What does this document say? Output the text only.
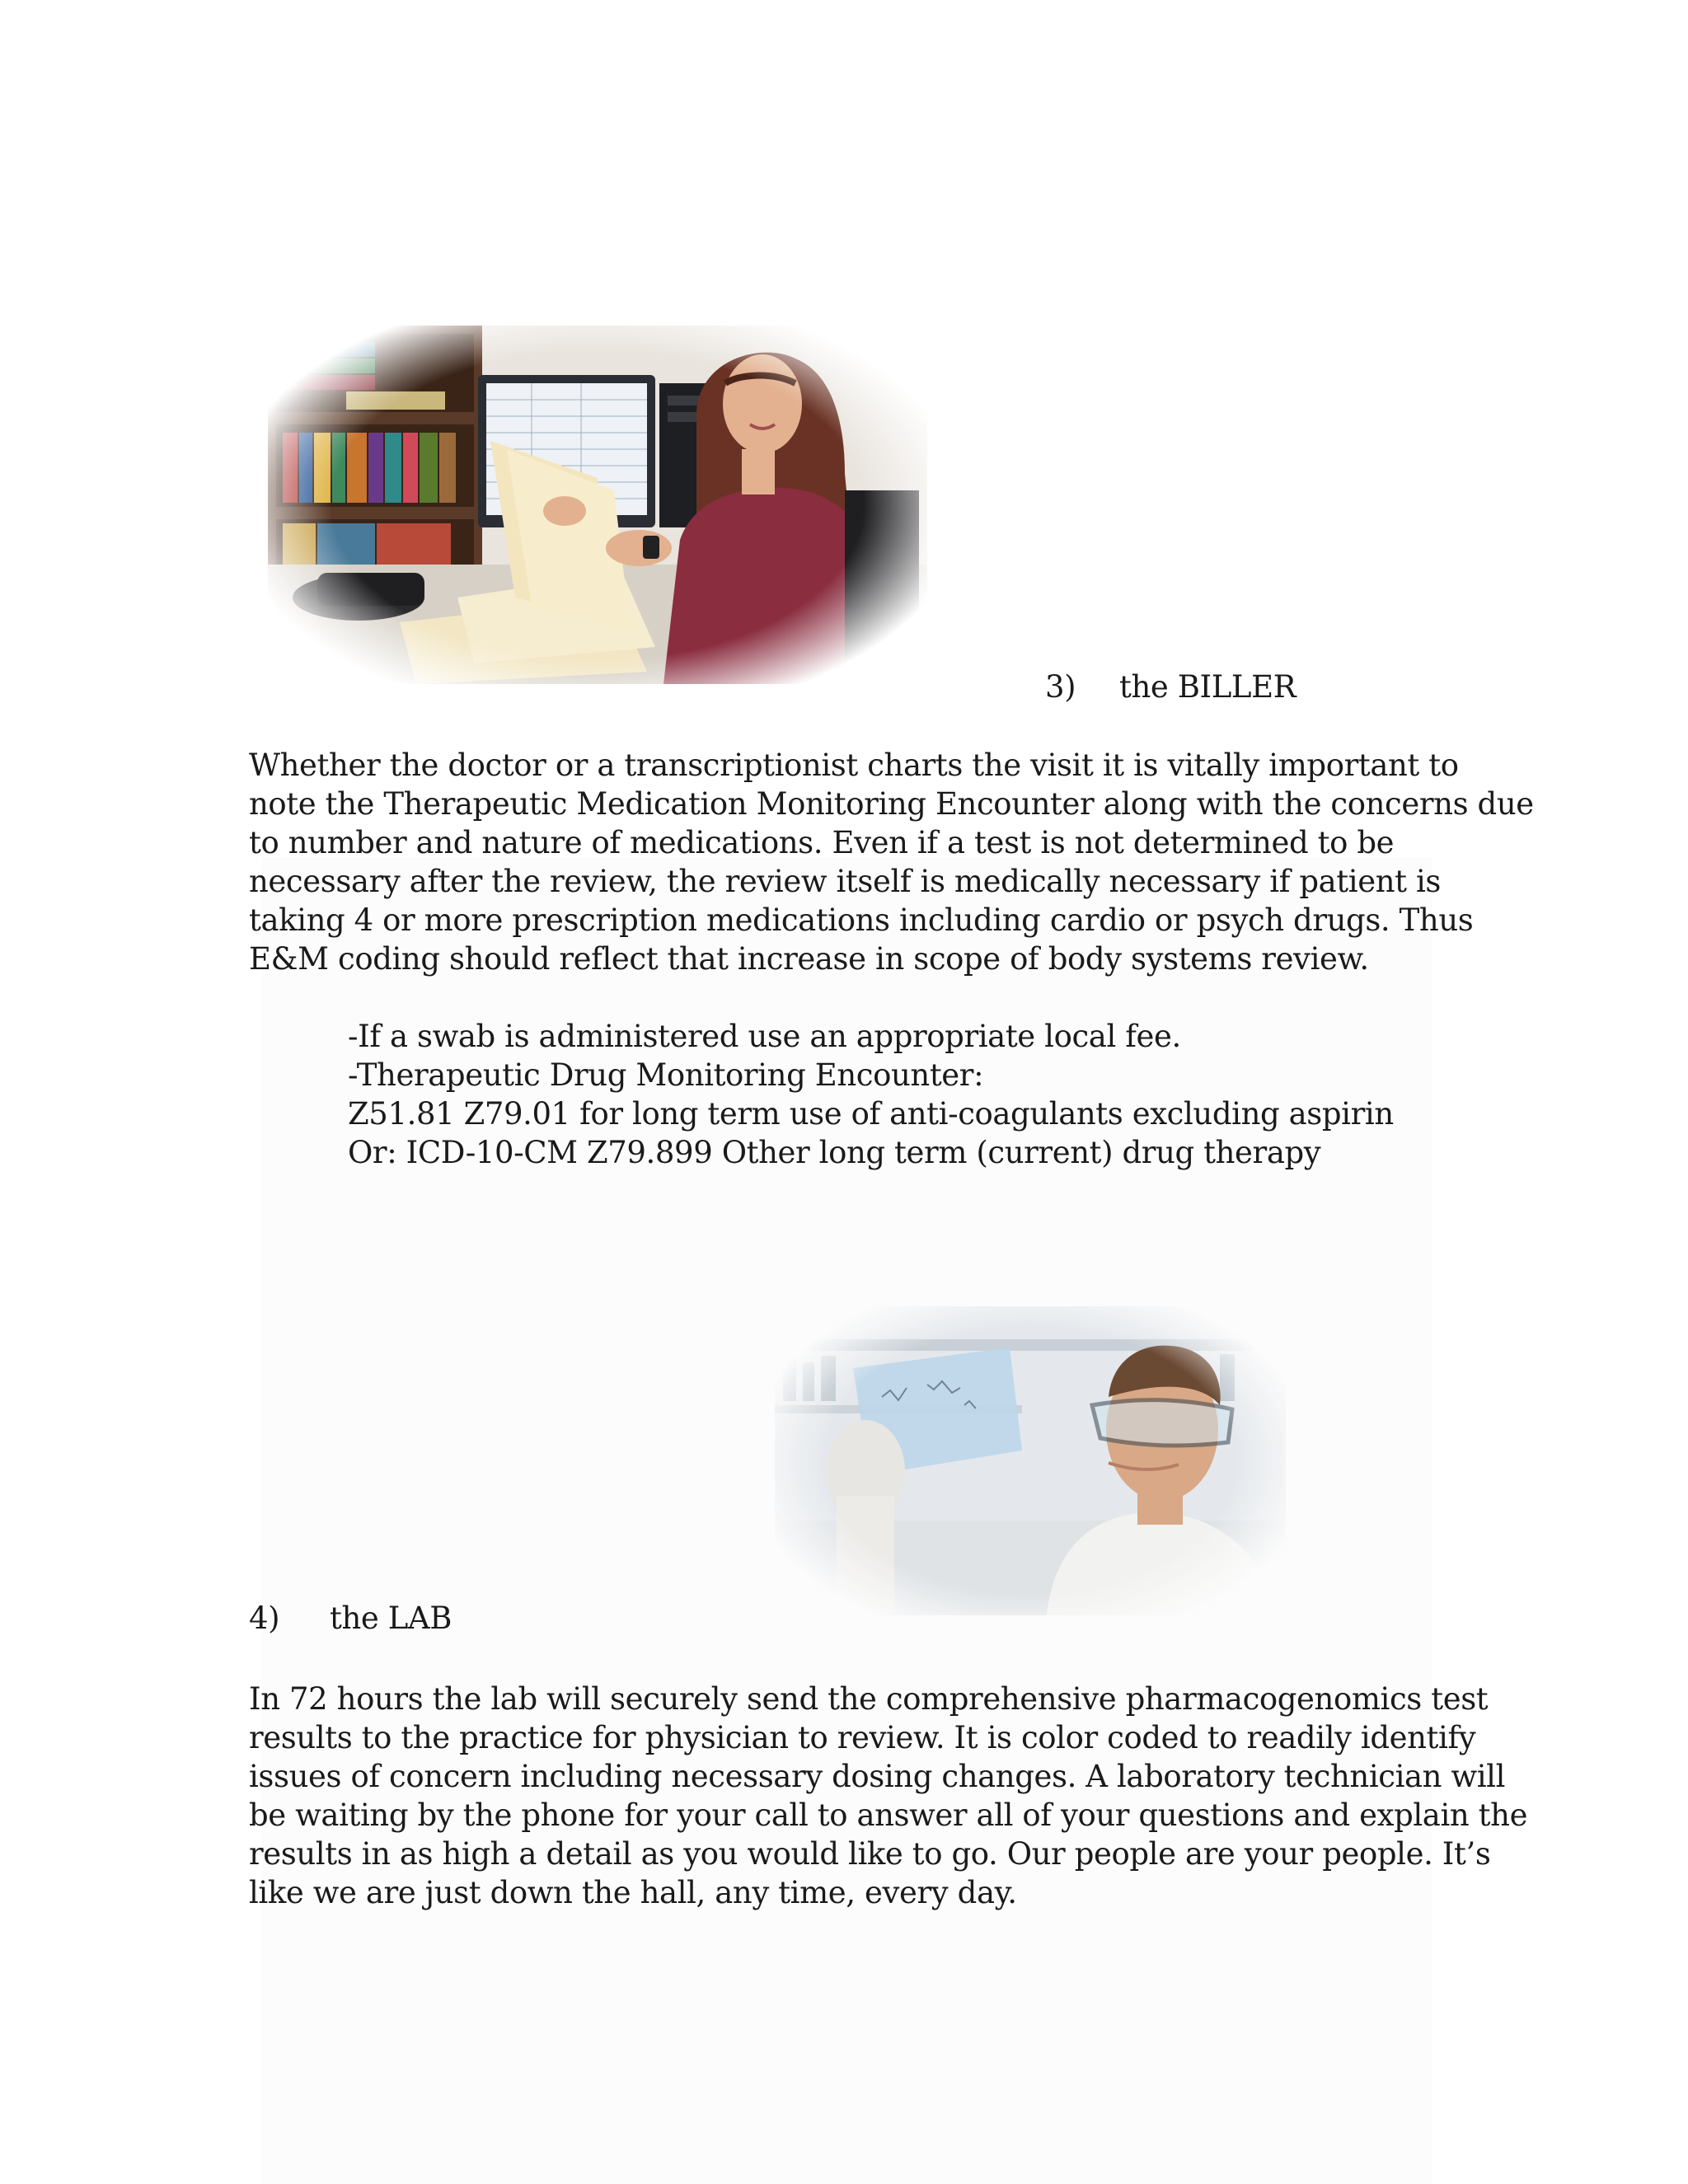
3) the BILLER
Whether the doctor or a transcriptionist charts the visit it is vitally important to
note the Therapeutic Medication Monitoring Encounter along with the concerns due
to number and nature of medications. Even if a test is not determined to be
necessary after the review, the review itself is medically necessary if patient is
taking 4 or more prescription medications including cardio or psych drugs. Thus
E&M coding should reflect that increase in scope of body systems review.
-If a swab is administered use an appropriate local fee.
-Therapeutic Drug Monitoring Encounter:
Z51.81 Z79.01 for long term use of anti-coagulants excluding aspirin
Or: ICD-10-CM Z79.899 Other long term (current) drug therapy
4) the LAB
In 72 hours the lab will securely send the comprehensive pharmacogenomics test
results to the practice for physician to review. It is color coded to readily identify
issues of concern including necessary dosing changes. A laboratory technician will
be waiting by the phone for your call to answer all of your questions and explain the
results in as high a detail as you would like to go. Our people are your people. It’s
like we are just down the hall, any time, every day.
